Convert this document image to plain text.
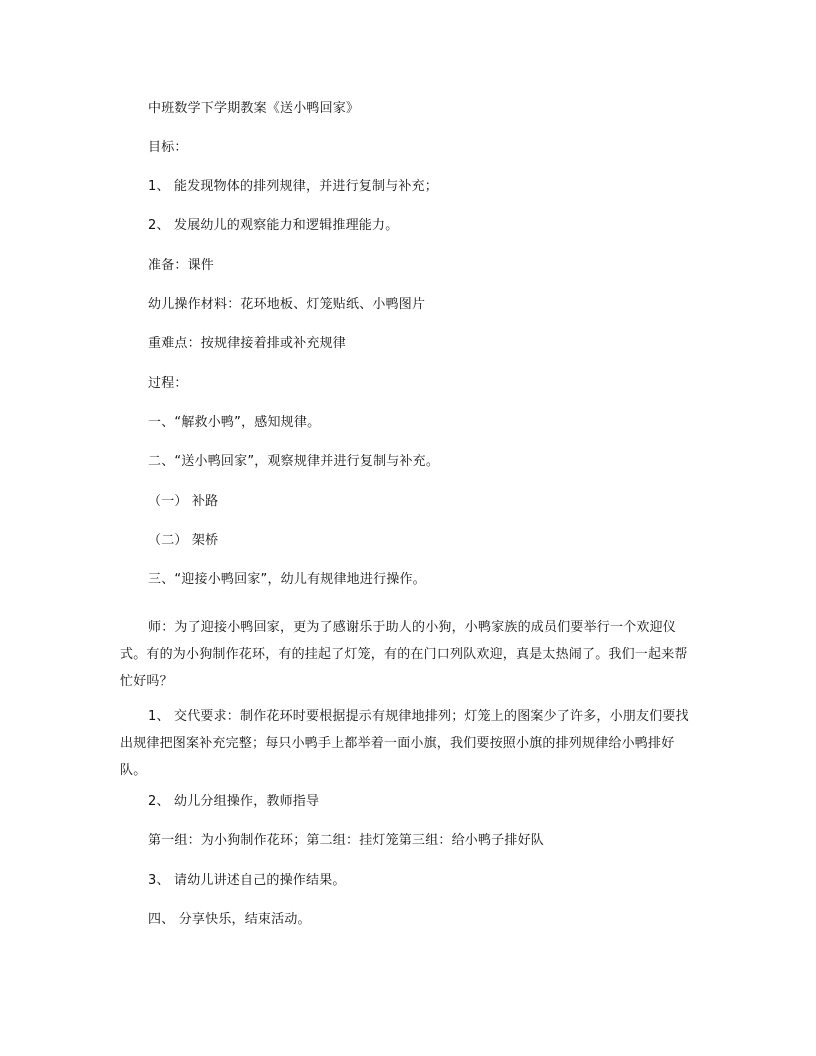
中班数学下学期教案《送小鸭回家》
目标：
1、 能发现物体的排列规律，并进行复制与补充；
2、 发展幼儿的观察能力和逻辑推理能力。
准备：课件
幼儿操作材料：花环地板、灯笼贴纸、小鸭图片
重难点：按规律接着排或补充规律
过程：
一、“解救小鸭”，感知规律。
二、“送小鸭回家”，观察规律并进行复制与补充。
（一） 补路
（二） 架桥
三、“迎接小鸭回家”，幼儿有规律地进行操作。
师：为了迎接小鸭回家，更为了感谢乐于助人的小狗，小鸭家族的成员们要举行一个欢迎仪式。有的为小狗制作花环，有的挂起了灯笼，有的在门口列队欢迎，真是太热闹了。我们一起来帮忙好吗？
1、 交代要求：制作花环时要根据提示有规律地排列；灯笼上的图案少了许多，小朋友们要找出规律把图案补充完整；每只小鸭手上都举着一面小旗，我们要按照小旗的排列规律给小鸭排好队。
2、 幼儿分组操作，教师指导
第一组：为小狗制作花环；第二组：挂灯笼第三组：给小鸭子排好队
3、 请幼儿讲述自己的操作结果。
四、 分享快乐，结束活动。
